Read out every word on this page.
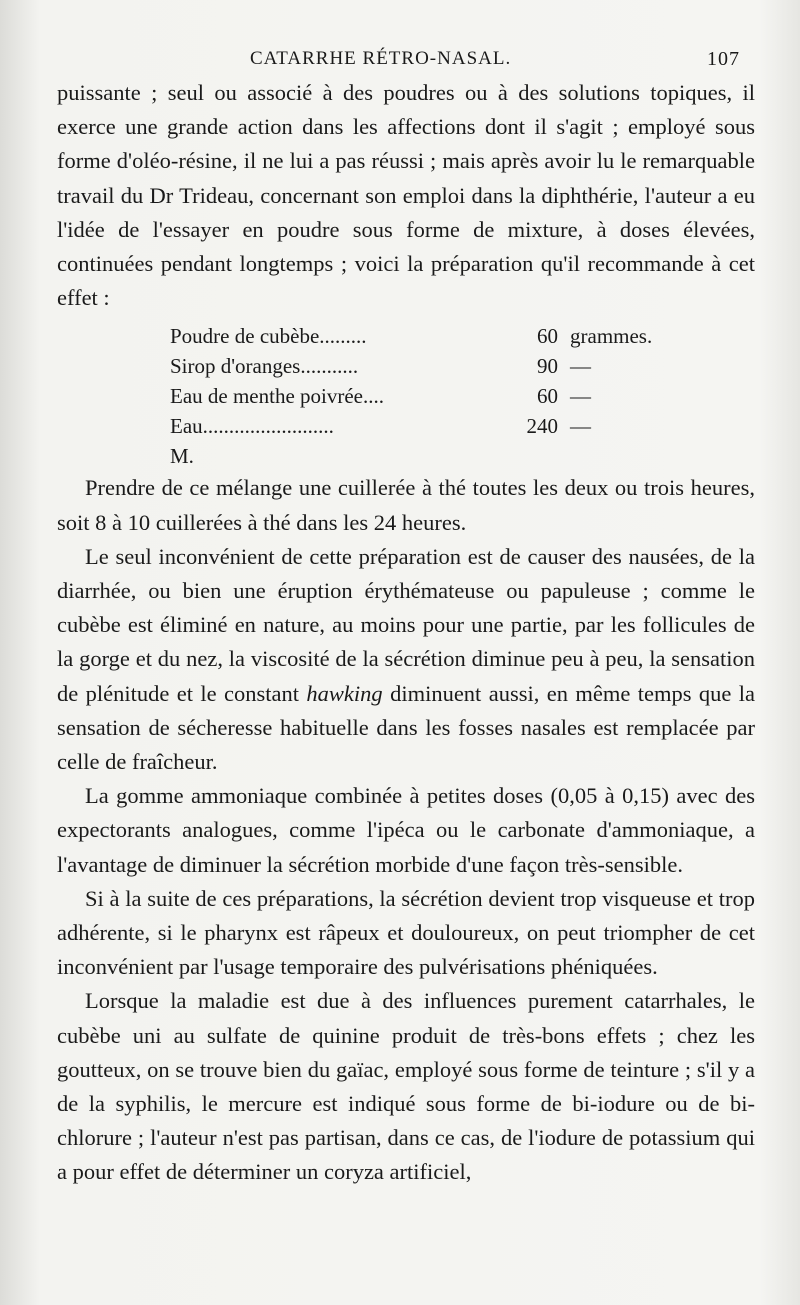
CATARRHE RÉTRO-NASAL.	107

puissante ; seul ou associé à des poudres ou à des solutions topiques, il exerce une grande action dans les affections dont il s'agit ; employé sous forme d'oléo-résine, il ne lui a pas réussi ; mais après avoir lu le remarquable travail du Dr Trideau, concernant son emploi dans la diphthérie, l'auteur a eu l'idée de l'essayer en poudre sous forme de mixture, à doses élevées, continuées pendant longtemps ; voici la préparation qu'il recommande à cet effet :

Poudre de cubèbe.........	60 grammes.
Sirop d'oranges...........	90 —
Eau de menthe poivrée....	60 —
Eau.........................	240 —
M.

Prendre de ce mélange une cuillerée à thé toutes les deux ou trois heures, soit 8 à 10 cuillerées à thé dans les 24 heures.

Le seul inconvénient de cette préparation est de causer des nausées, de la diarrhée, ou bien une éruption érythémateuse ou papuleuse ; comme le cubèbe est éliminé en nature, au moins pour une partie, par les follicules de la gorge et du nez, la viscosité de la sécrétion diminue peu à peu, la sensation de plénitude et le constant hawking diminuent aussi, en même temps que la sensation de sécheresse habituelle dans les fosses nasales est remplacée par celle de fraîcheur.

La gomme ammoniaque combinée à petites doses (0,05 à 0,15) avec des expectorants analogues, comme l'ipéca ou le carbonate d'ammoniaque, a l'avantage de diminuer la sécrétion morbide d'une façon très-sensible.

Si à la suite de ces préparations, la sécrétion devient trop visqueuse et trop adhérente, si le pharynx est râpeux et douloureux, on peut triompher de cet inconvénient par l'usage temporaire des pulvérisations phéniquées.

Lorsque la maladie est due à des influences purement catarrhales, le cubèbe uni au sulfate de quinine produit de très-bons effets ; chez les goutteux, on se trouve bien du gaïac, employé sous forme de teinture ; s'il y a de la syphilis, le mercure est indiqué sous forme de bi-iodure ou de bi-chlorure ; l'auteur n'est pas partisan, dans ce cas, de l'iodure de potassium qui a pour effet de déterminer un coryza artificiel,
